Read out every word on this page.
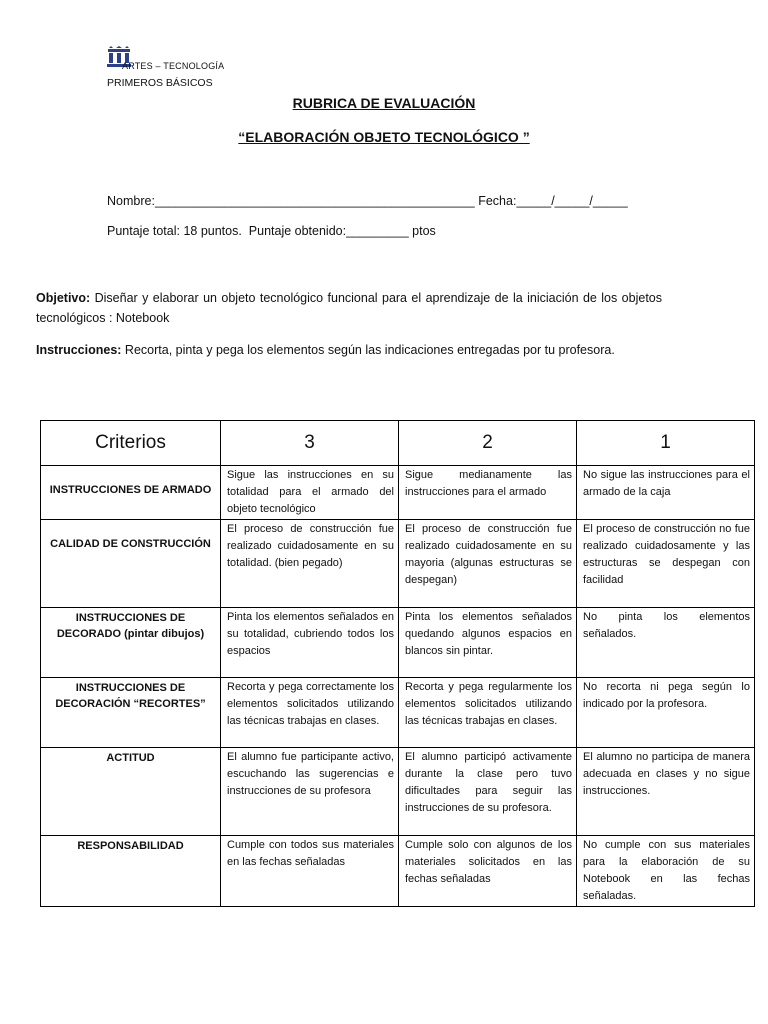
ARTES – TECNOLOGÍA
PRIMEROS BÁSICOS
RUBRICA DE EVALUACIÓN
“ELABORACIÓN OBJETO TECNOLÓGICO ”
Nombre:______________________________________________ Fecha:_____/_____/_____
Puntaje total: 18 puntos. Puntaje obtenido:_________ ptos
Objetivo: Diseñar y elaborar un objeto tecnológico funcional para el aprendizaje de la iniciación de los objetos tecnológicos : Notebook
Instrucciones: Recorta, pinta y pega los elementos según las indicaciones entregadas por tu profesora.
Criterios	3	2	1
INSTRUCCIONES DE ARMADO	Sigue las instrucciones en su totalidad para el armado del objeto tecnológico	Sigue medianamente las instrucciones para el armado	No sigue las instrucciones para el armado de la caja
CALIDAD DE CONSTRUCCIÓN	El proceso de construcción fue realizado cuidadosamente en su totalidad. (bien pegado)	El proceso de construcción fue realizado cuidadosamente en su mayoria (algunas estructuras se despegan)	El proceso de construcción no fue realizado cuidadosamente y las estructuras se despegan con facilidad
INSTRUCCIONES DE DECORADO (pintar dibujos)	Pinta los elementos señalados en su totalidad, cubriendo todos los espacios	Pinta los elementos señalados quedando algunos espacios en blancos sin pintar.	No pinta los elementos señalados.
INSTRUCCIONES DE DECORACIÓN “RECORTES”	Recorta y pega correctamente los elementos solicitados utilizando las técnicas trabajas en clases.	Recorta y pega regularmente los elementos solicitados utilizando las técnicas trabajas en clases.	No recorta ni pega según lo indicado por la profesora.
ACTITUD	El alumno fue participante activo, escuchando las sugerencias e instrucciones de su profesora	El alumno participó activamente durante la clase pero tuvo dificultades para seguir las instrucciones de su profesora.	El alumno no participa de manera adecuada en clases y no sigue instrucciones.
RESPONSABILIDAD	Cumple con todos sus materiales en las fechas señaladas	Cumple solo con algunos de los materiales solicitados en las fechas señaladas	No cumple con sus materiales para la elaboración de su Notebook en las fechas señaladas.
